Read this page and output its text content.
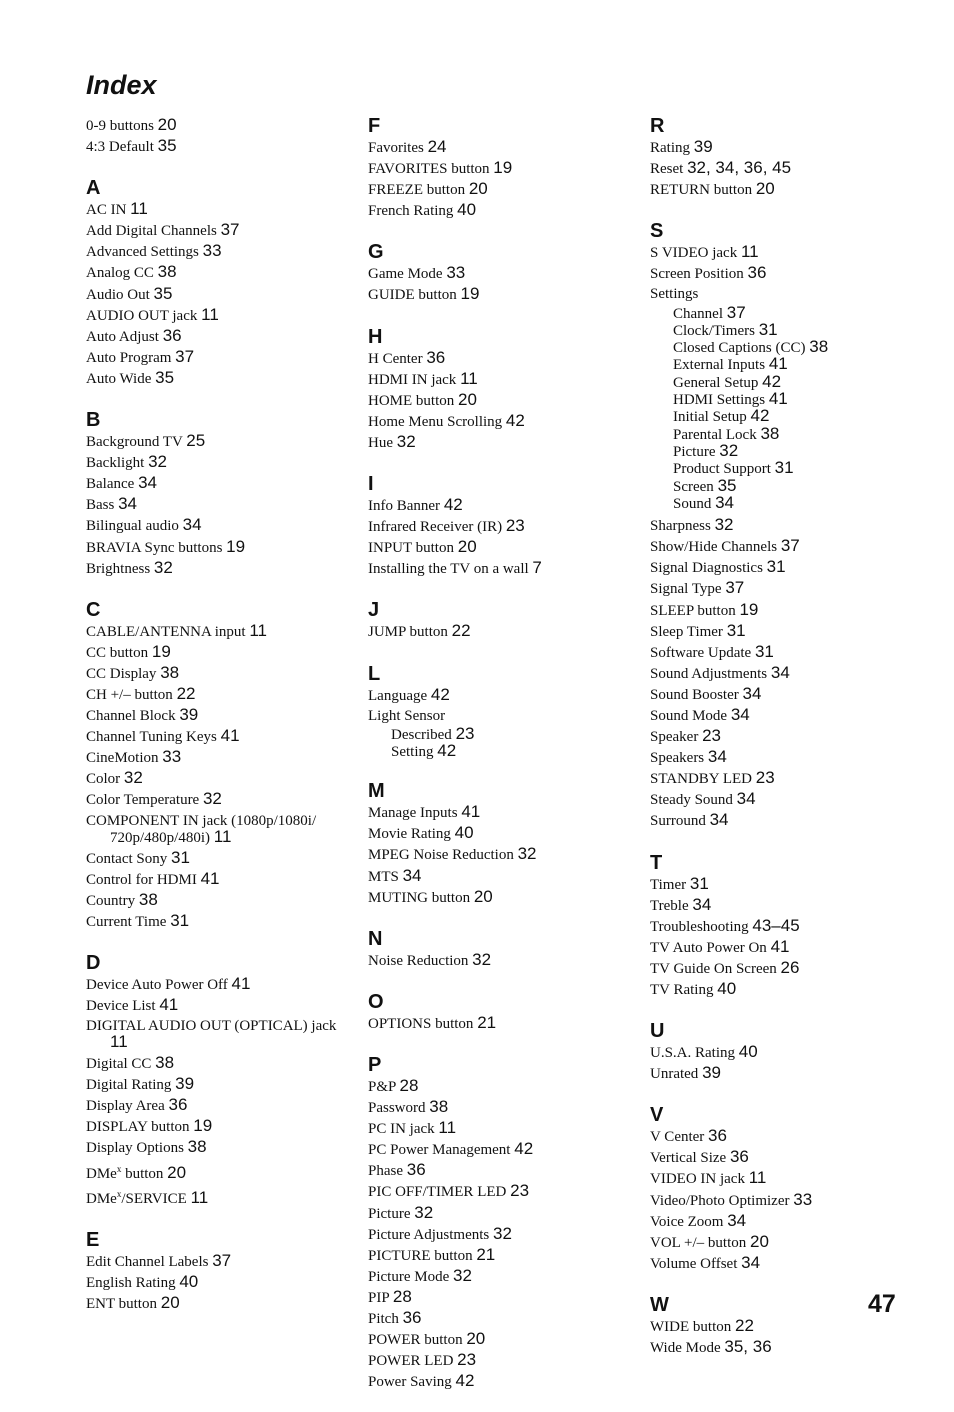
Index
0-9 buttons 20
4:3 Default 35
A
AC IN 11
Add Digital Channels 37
Advanced Settings 33
Analog CC 38
Audio Out 35
AUDIO OUT jack 11
Auto Adjust 36
Auto Program 37
Auto Wide 35
B
Background TV 25
Backlight 32
Balance 34
Bass 34
Bilingual audio 34
BRAVIA Sync buttons 19
Brightness 32
C
CABLE/ANTENNA input 11
CC button 19
CC Display 38
CH +/– button 22
Channel Block 39
Channel Tuning Keys 41
CineMotion 33
Color 32
Color Temperature 32
COMPONENT IN jack (1080p/1080i/ 720p/480p/480i) 11
Contact Sony 31
Control for HDMI 41
Country 38
Current Time 31
D
Device Auto Power Off 41
Device List 41
DIGITAL AUDIO OUT (OPTICAL) jack 11
Digital CC 38
Digital Rating 39
Display Area 36
DISPLAY button 19
Display Options 38
DMe$^x$ button 20
DMe$^x$/SERVICE 11
E
Edit Channel Labels 37
English Rating 40
ENT button 20
F
Favorites 24
FAVORITES button 19
FREEZE button 20
French Rating 40
G
Game Mode 33
GUIDE button 19
H
H Center 36
HDMI IN jack 11
HOME button 20
Home Menu Scrolling 42
Hue 32
I
Info Banner 42
Infrared Receiver (IR) 23
INPUT button 20
Installing the TV on a wall 7
J
JUMP button 22
L
Language 42
Light Sensor
Described 23
Setting 42
M
Manage Inputs 41
Movie Rating 40
MPEG Noise Reduction 32
MTS 34
MUTING button 20
N
Noise Reduction 32
O
OPTIONS button 21
P
P&P 28
Password 38
PC IN jack 11
PC Power Management 42
Phase 36
PIC OFF/TIMER LED 23
Picture 32
Picture Adjustments 32
PICTURE button 21
Picture Mode 32
PIP 28
Pitch 36
POWER button 20
POWER LED 23
Power Saving 42
R
Rating 39
Reset 32, 34, 36, 45
RETURN button 20
S
S VIDEO jack 11
Screen Position 36
Settings
Channel 37
Clock/Timers 31
Closed Captions (CC) 38
External Inputs 41
General Setup 42
HDMI Settings 41
Initial Setup 42
Parental Lock 38
Picture 32
Product Support 31
Screen 35
Sound 34
Sharpness 32
Show/Hide Channels 37
Signal Diagnostics 31
Signal Type 37
SLEEP button 19
Sleep Timer 31
Software Update 31
Sound Adjustments 34
Sound Booster 34
Sound Mode 34
Speaker 23
Speakers 34
STANDBY LED 23
Steady Sound 34
Surround 34
T
Timer 31
Treble 34
Troubleshooting 43–45
TV Auto Power On 41
TV Guide On Screen 26
TV Rating 40
U
U.S.A. Rating 40
Unrated 39
V
V Center 36
Vertical Size 36
VIDEO IN jack 11
Video/Photo Optimizer 33
Voice Zoom 34
VOL +/– button 20
Volume Offset 34
W
WIDE button 22
Wide Mode 35, 36

47
